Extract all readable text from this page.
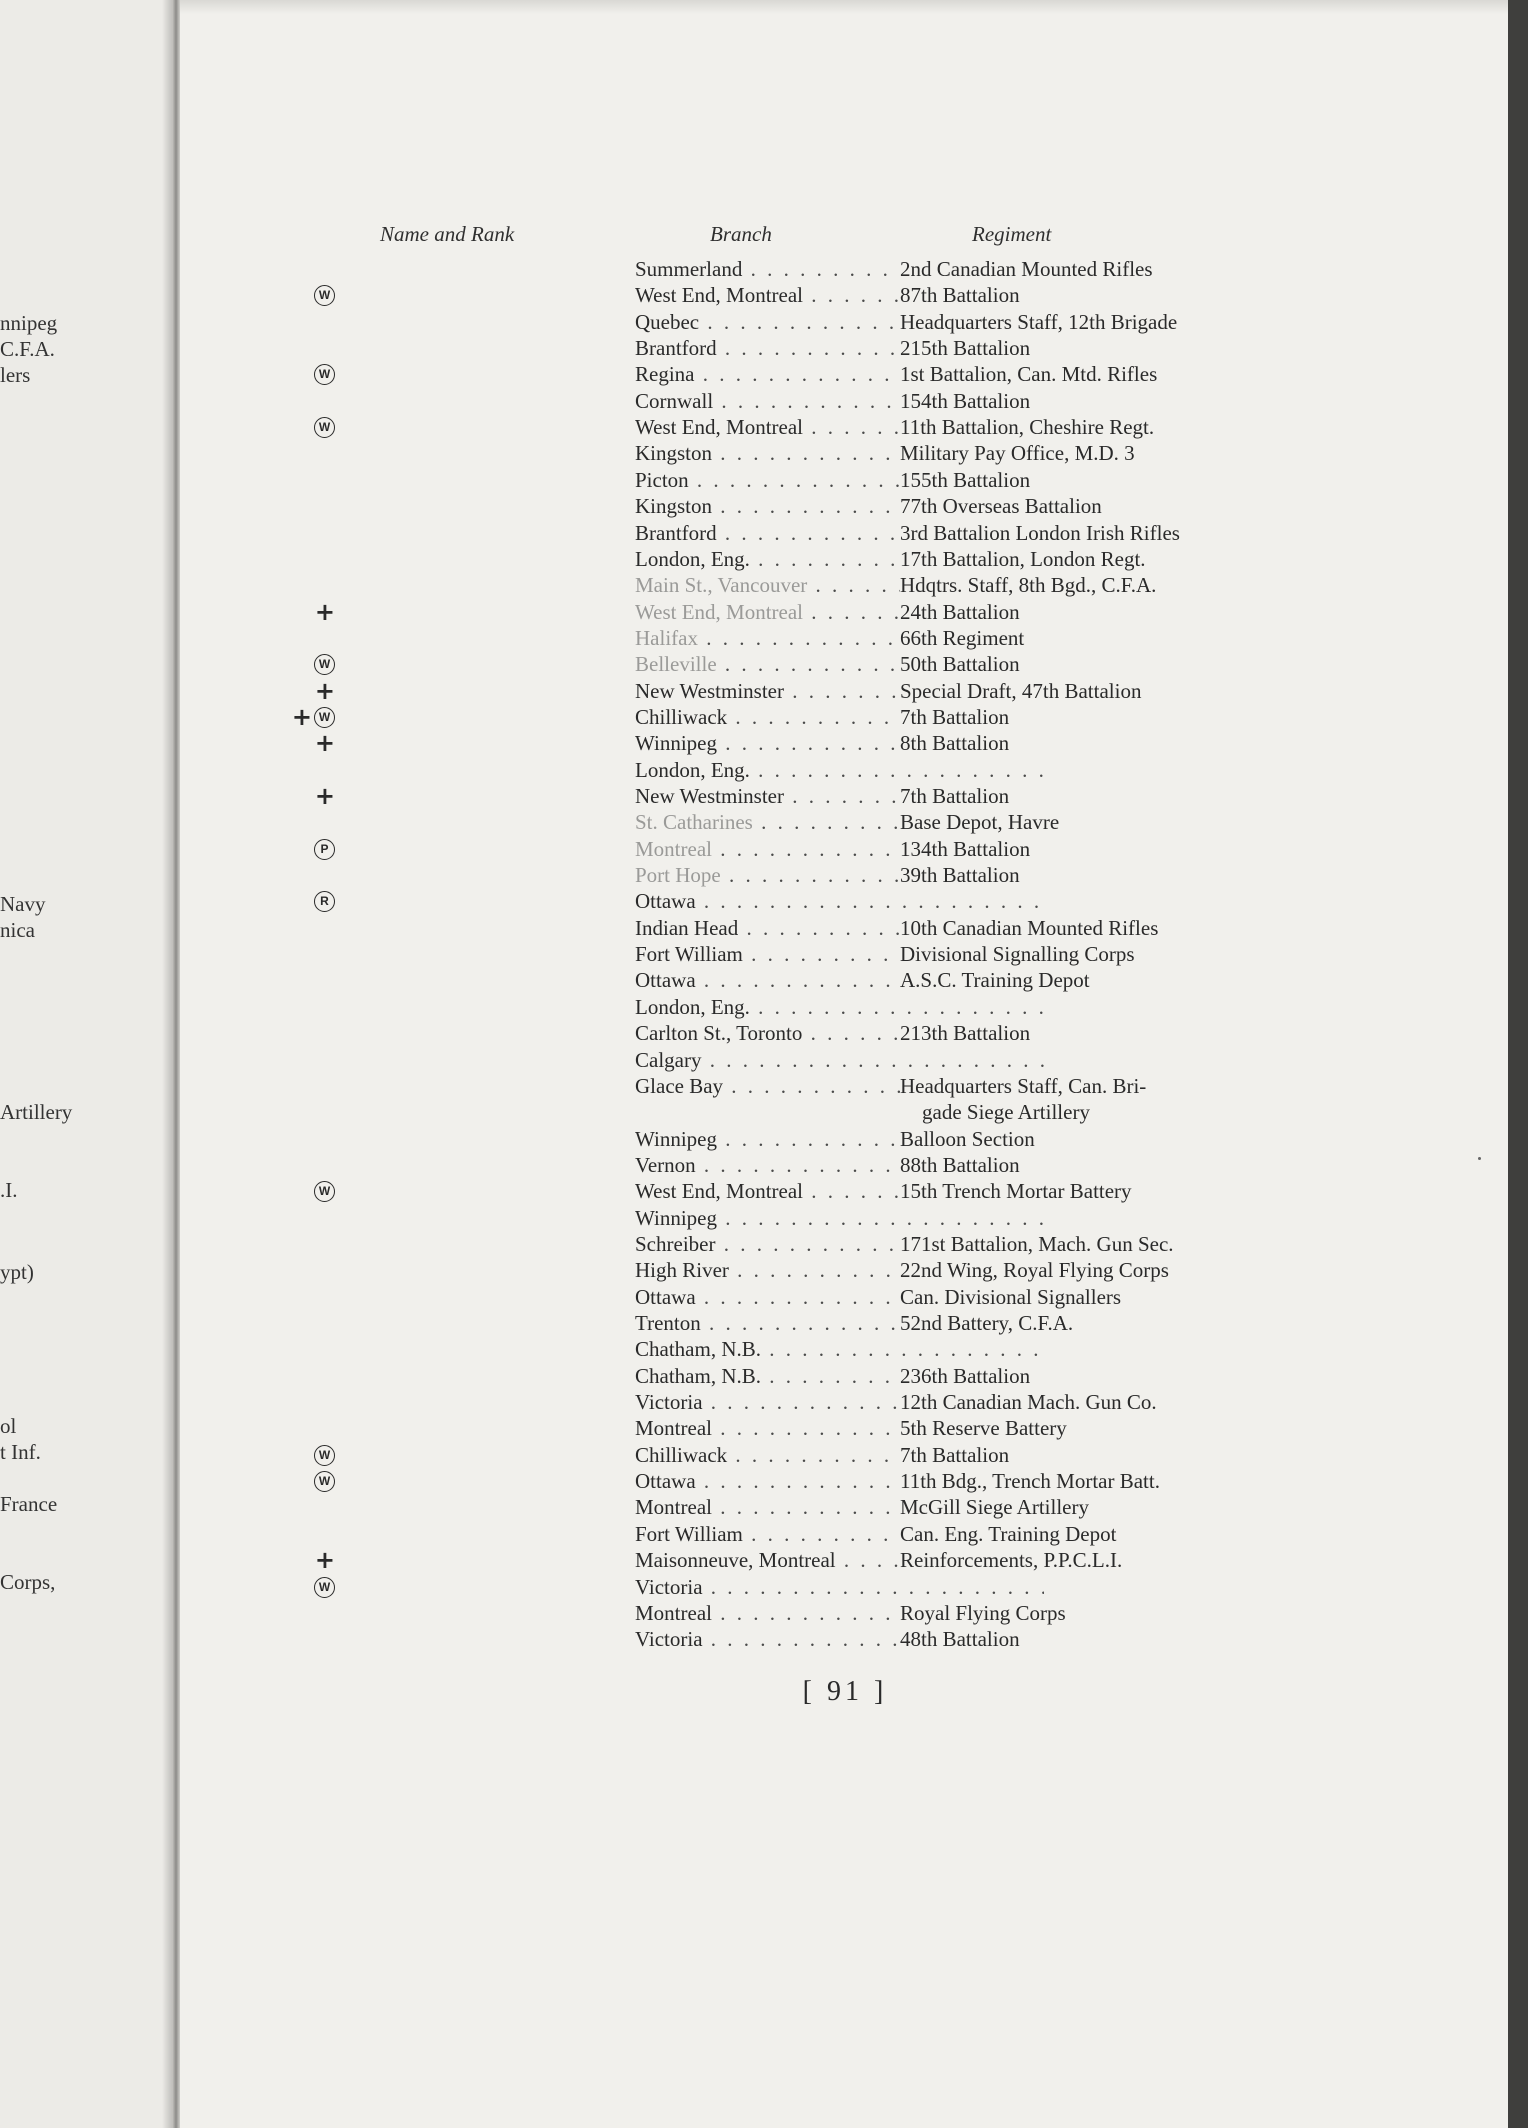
nnipeg
C.F.A.
lers
Navy
nica
Artillery
.I.
ypt)
ol
t Inf.
France
Corps,
Name and Rank	Branch	Regiment
Summerland . . .	2nd Canadian Mounted Rifles
W	West End, Montreal . . .	87th Battalion
Quebec . . .	Headquarters Staff, 12th Brigade
Brantford . . .	215th Battalion
W	Regina . . .	1st Battalion, Can. Mtd. Rifles
Cornwall . . .	154th Battalion
W	West End, Montreal . . .	11th Battalion, Cheshire Regt.
Kingston . . .	Military Pay Office, M.D. 3
Picton . . .	155th Battalion
Kingston . . .	77th Overseas Battalion
Brantford . . .	3rd Battalion London Irish Rifles
London, Eng. . . .	17th Battalion, London Regt.
Main St., Vancouver . . .	Hdqtrs. Staff, 8th Bgd., C.F.A.
+	West End, Montreal . . .	24th Battalion
Halifax . . .	66th Regiment
W	Belleville . . .	50th Battalion
+	New Westminster . . .	Special Draft, 47th Battalion
+ W	Chilliwack . . .	7th Battalion
+	Winnipeg . . .	8th Battalion
London, Eng. . . .
+	New Westminster . . .	7th Battalion
St. Catharines . . .	Base Depot, Havre
P	Montreal . . .	134th Battalion
Port Hope . . .	39th Battalion
R	Ottawa . . .
Indian Head . . .	10th Canadian Mounted Rifles
Fort William . . .	Divisional Signalling Corps
Ottawa . . .	A.S.C. Training Depot
London, Eng. . . .
Carlton St., Toronto . . .	213th Battalion
Calgary . . .
Glace Bay . . .	Headquarters Staff, Can. Bri-
gade Siege Artillery
Winnipeg . . .	Balloon Section
Vernon . . .	88th Battalion
W	West End, Montreal . . .	15th Trench Mortar Battery
Winnipeg . . .
Schreiber . . .	171st Battalion, Mach. Gun Sec.
High River . . .	22nd Wing, Royal Flying Corps
Ottawa . . .	Can. Divisional Signallers
Trenton . . .	52nd Battery, C.F.A.
Chatham, N.B. . . .
Chatham, N.B. . . .	236th Battalion
Victoria . . .	12th Canadian Mach. Gun Co.
Montreal . . .	5th Reserve Battery
W	Chilliwack . . .	7th Battalion
W	Ottawa . . .	11th Bdg., Trench Mortar Batt.
Montreal . . .	McGill Siege Artillery
Fort William . . .	Can. Eng. Training Depot
+	Maisonneuve, Montreal . . .	Reinforcements, P.P.C.L.I.
W	Victoria . . .
Montreal . . .	Royal Flying Corps
Victoria . . .	48th Battalion
[ 91 ]
